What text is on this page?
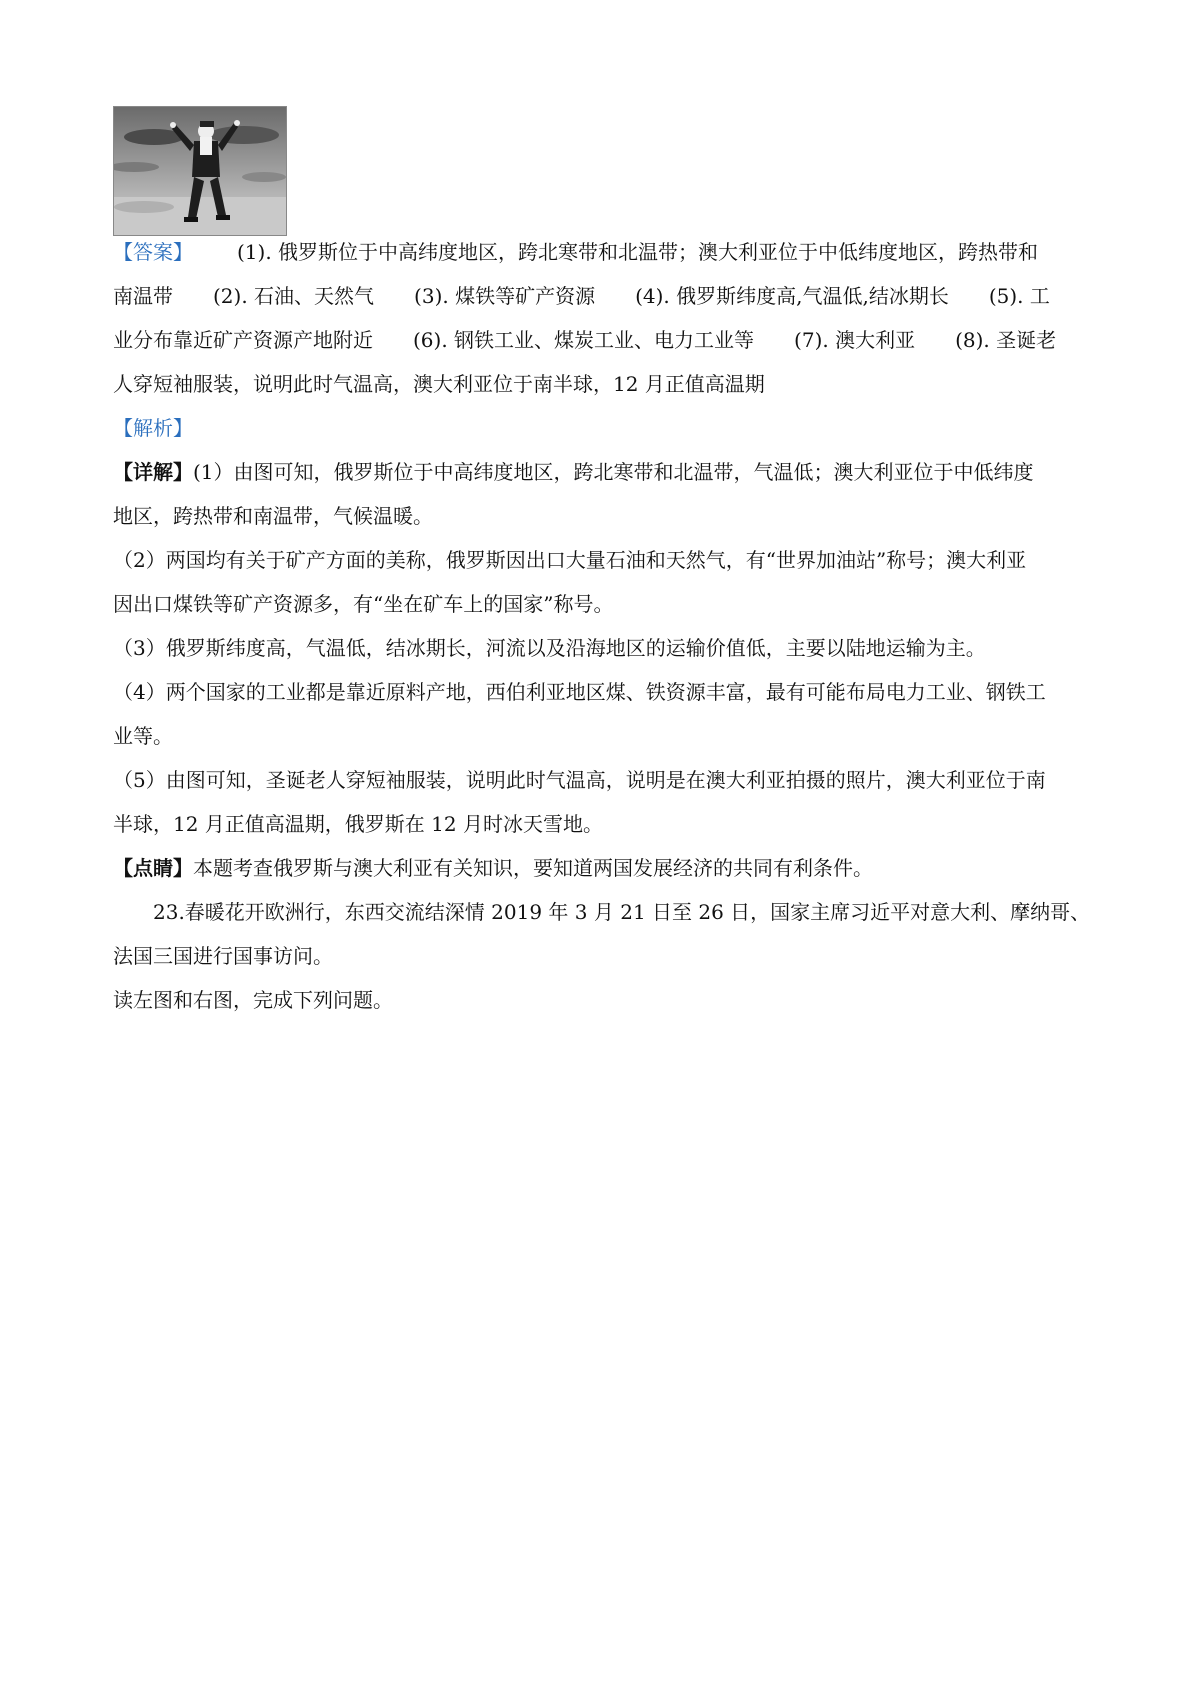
【答案】 (1). 俄罗斯位于中高纬度地区，跨北寒带和北温带；澳大利亚位于中低纬度地区，跨热带和
南温带　　(2). 石油、天然气　　(3). 煤铁等矿产资源　　(4). 俄罗斯纬度高,气温低,结冰期长　　(5). 工
业分布靠近矿产资源产地附近　　(6). 钢铁工业、煤炭工业、电力工业等　　(7). 澳大利亚　　(8). 圣诞老
人穿短袖服装，说明此时气温高，澳大利亚位于南半球，12 月正值高温期
【解析】
【详解】(1）由图可知，俄罗斯位于中高纬度地区，跨北寒带和北温带，气温低；澳大利亚位于中低纬度
地区，跨热带和南温带，气候温暖。
（2）两国均有关于矿产方面的美称，俄罗斯因出口大量石油和天然气，有“世界加油站”称号；澳大利亚
因出口煤铁等矿产资源多，有“坐在矿车上的国家”称号。
（3）俄罗斯纬度高，气温低，结冰期长，河流以及沿海地区的运输价值低，主要以陆地运输为主。
（4）两个国家的工业都是靠近原料产地，西伯利亚地区煤、铁资源丰富，最有可能布局电力工业、钢铁工
业等。
（5）由图可知，圣诞老人穿短袖服装，说明此时气温高，说明是在澳大利亚拍摄的照片，澳大利亚位于南
半球，12 月正值高温期，俄罗斯在 12 月时冰天雪地。
【点睛】本题考查俄罗斯与澳大利亚有关知识，要知道两国发展经济的共同有利条件。
23.春暖花开欧洲行，东西交流结深情 2019 年 3 月 21 日至 26 日，国家主席习近平对意大利、摩纳哥、
法国三国进行国事访问。
读左图和右图，完成下列问题。
